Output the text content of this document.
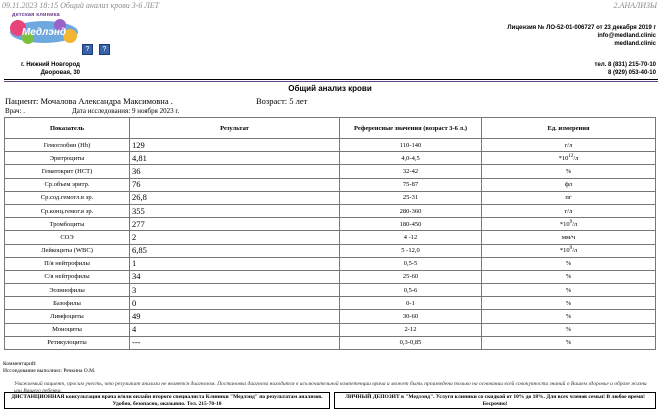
09.11.2023 18:15 Общий анализ крови 3-6 ЛЕТ	2.АНАЛИЗЫ
детская клиника
Медлэнд
?	?
г. Нижний Новгород
Дворовая, 30
Лицензия № ЛО-52-01-006727 от 23 декабря 2019 г
info@medland.clinic
medland.clinic
тел. 8 (831) 215-70-10
8 (929) 053-40-10
Общий анализ крови
Пациент: Мочалова Александра Максимовна .	Возраст: 5 лет
Врач: .	Дата исследования: 9 ноября 2023 г.
Показатель	Результат	Референсные значения (возраст 3-6 л.)	Ед. измерения
Гемоглобин (Hb)	129	110-140	г/л
Эритроциты	4,81	4,0-4,5	$*10^{12}/л$
Гематокрит (НСТ)	36	32-42	%
Ср.объем эритр.	76	75-87	фл
Ср.сод.гемогл.в эр.	26,8	25-31	пг
Ср.конц.гемог.в эр.	355	280-360	г/л
Тромбоциты	277	180-450	$*10^9/л$
СОЭ	2	4 -12	мм/ч
Лейкоциты (WBC)	6,85	5 -12,0	$*10^9/л$
П/я нейтрофилы	1	0,5-5	%
С/я нейтрофилы	34	25-60	%
Эозинофилы	3	0,5-6	%
Базофилы	0	0-1	%
Лимфоциты	49	30-60	%
Моноциты	4	2-12	%
Ретикулоциты	---	0,3-0,85	%
Комментарий:
Исследование выполнил: Речкина О.М.
Уважаемый пациент, просим учесть, что результат анализа не является диагнозом. Постановка диагноза находится в исключительной компетенции врача и может быть произведена только на основании всей совокупности знаний о Вашем здоровье и образе жизни или Вашего ребенка.
ДИСТАНЦИОННАЯ консультация врача и/или онлайн второго специалиста Клиники "Медлэнд" по результатам анализов. Удобно, безопасно, оказывно. Тел. 215-70-10
ЛИЧНЫЙ ДЕПОЗИТ в "Медлэнд". Услуги клиники со скидкой от 10% до 18%. Для всех членов семьи! В любое время! Бесрочно!
